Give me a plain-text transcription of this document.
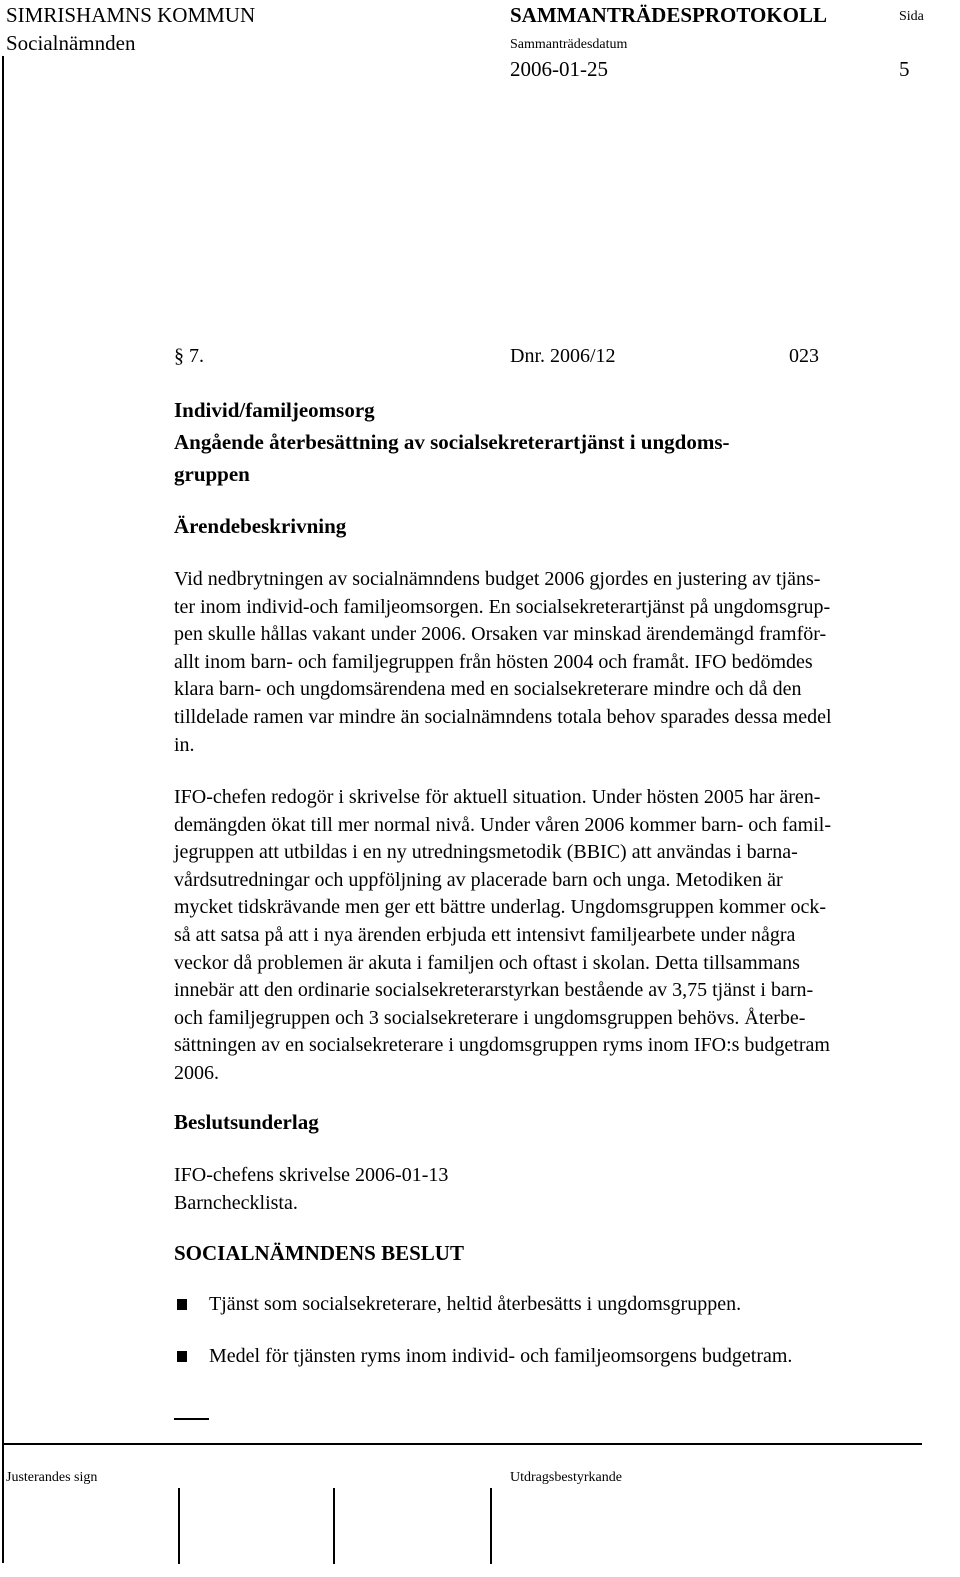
SIMRISHAMNS KOMMUN
Socialnämnden
SAMMANTRÄDESPROTOKOLL
Sammanträdesdatum
2006-01-25
Sida
5
§ 7.	Dnr. 2006/12	023
Individ/familjeomsorg
Angående återbesättning av socialsekreterartjänst i ungdoms-
gruppen
Ärendebeskrivning
Vid nedbrytningen av socialnämndens budget 2006 gjordes en justering av tjäns-
ter inom individ-och familjeomsorgen. En socialsekreterartjänst på ungdomsgrup-
pen skulle hållas vakant under 2006. Orsaken var minskad ärendemängd framför-
allt inom barn- och familjegruppen från hösten 2004 och framåt. IFO bedömdes
klara barn- och ungdomsärendena med en socialsekreterare mindre och då den
tilldelade ramen var mindre än socialnämndens totala behov sparades dessa medel
in.
IFO-chefen redogör i skrivelse för aktuell situation. Under hösten 2005 har ären-
demängden ökat till mer normal nivå. Under våren 2006 kommer barn- och famil-
jegruppen att utbildas i en ny utredningsmetodik (BBIC) att användas i barna-
vårdsutredningar och uppföljning av placerade barn och unga. Metodiken är
mycket tidskrävande men ger ett bättre underlag. Ungdomsgruppen kommer ock-
så att satsa på att i nya ärenden erbjuda ett intensivt familjearbete under några
veckor då problemen är akuta i familjen och oftast i skolan. Detta tillsammans
innebär att den ordinarie socialsekreterarstyrkan bestående av 3,75 tjänst i barn-
och familjegruppen och 3 socialsekreterare i ungdomsgruppen behövs. Återbe-
sättningen av en socialsekreterare i ungdomsgruppen ryms inom IFO:s budgetram
2006.
Beslutsunderlag
IFO-chefens skrivelse 2006-01-13
Barnchecklista.
SOCIALNÄMNDENS BESLUT
Tjänst som socialsekreterare, heltid återbesätts i ungdomsgruppen.
Medel för tjänsten ryms inom individ- och familjeomsorgens budgetram.
Justerandes sign	Utdragsbestyrkande
